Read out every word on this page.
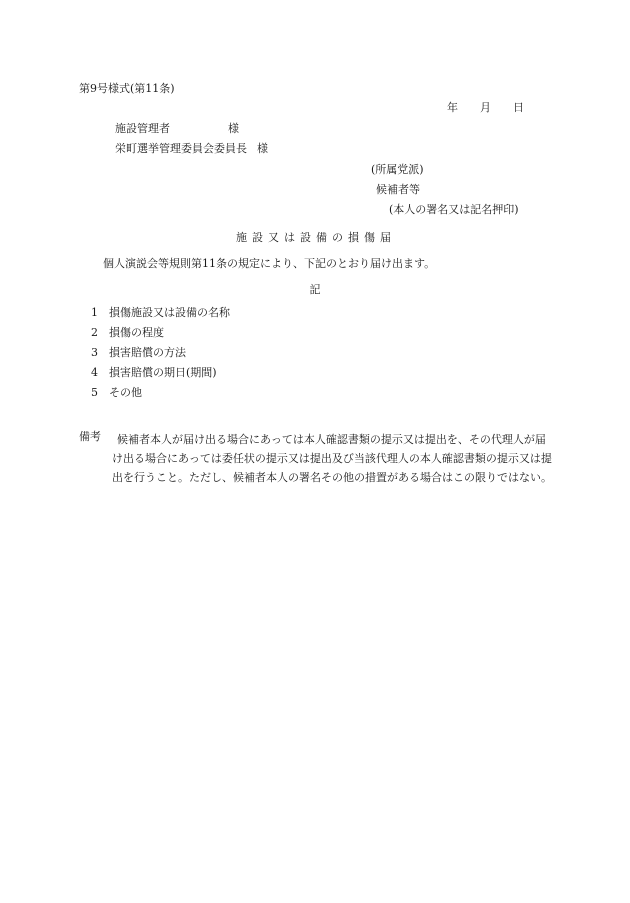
第9号様式(第11条)
年 月 日
施設管理者	様
栄町選挙管理委員会委員長 様
(所属党派)
候補者等
(本人の署名又は記名押印)
施設又は設備の損傷届
個人演説会等規則第11条の規定により、下記のとおり届け出ます。
記
1 損傷施設又は設備の名称
2 損傷の程度
3 損害賠償の方法
4 損害賠償の期日(期間)
5 その他
備考	候補者本人が届け出る場合にあっては本人確認書類の提示又は提出を、その代理人が届け出る場合にあっては委任状の提示又は提出及び当該代理人の本人確認書類の提示又は提出を行うこと。ただし、候補者本人の署名その他の措置がある場合はこの限りではない。
